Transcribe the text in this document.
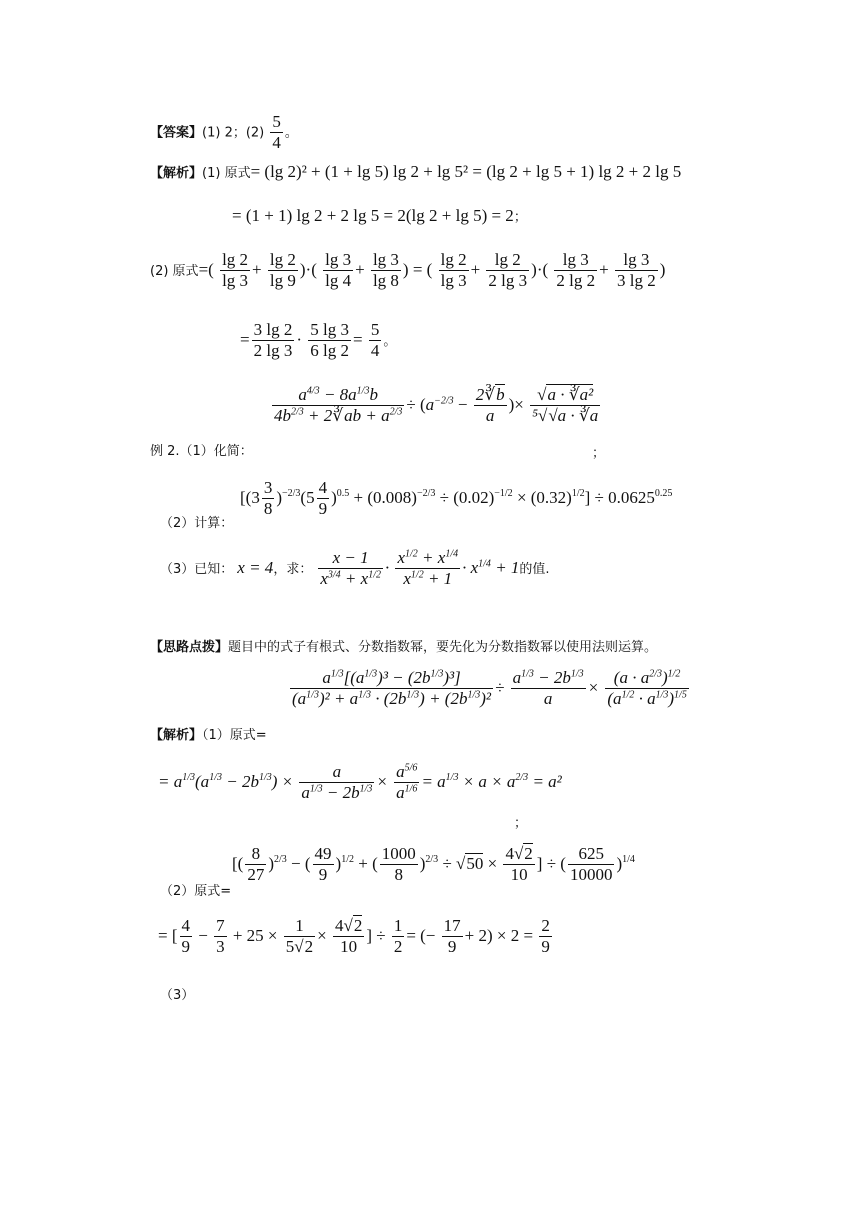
【答案】(1) 2；$(2) \frac{5}{4}$ 。
【解析】(1) 原式= (lg 2)² + (1 + lg 5) lg 2 + lg 5² = (lg 2 + lg 5 + 1) lg 2 + 2 lg 5
= (1 + 1) lg 2 + 2 lg 5 = 2(lg 2 + lg 5) = 2；
(2) 原式=( $\frac{\lg 2}{\lg 3} + \frac{\lg 2}{\lg 9}$ )·( $\frac{\lg 3}{\lg 4} + \frac{\lg 3}{\lg 8}$ ) = ( $\frac{\lg 2}{\lg 3} + \frac{\lg 2}{2 \lg 3}$ )·( $\frac{\lg 3}{2 \lg 2} + \frac{\lg 3}{3 \lg 2}$ )
= $\frac{3 \lg 2}{2 \lg 3} \cdot \frac{5 \lg 3}{6 \lg 2} = \frac{5}{4}$ 。
$\frac{a^{4/3} - 8a^{1/3}b}{4b^{2/3} + 2∛ab + a^{2/3}} \div (a^{-2/3} - \frac{2∛b}{a}$ )× $\frac{\text{√a · ∛a²}}{\text{⁵√√a · ∛a}}$
例 2.（1）化简：	；
$[(3 \frac{3}{8} )^{-2/3}(5 \frac{4}{9} )^{0.5} + (0.008)^{-2/3} \div (0.02)^{-1/2} \times (0.32)^{1/2}] \div 0.0625^{0.25}$
（2）计算：
（3）已知： x = 4，求： $\frac{x - 1}{x^{3/4} + x^{1/2}} \cdot \frac{x^{1/2} + x^{1/4}}{x^{1/2} + 1} \cdot x^{1/4} + 1$的值.
【思路点拨】题目中的式子有根式、分数指数幂，要先化为分数指数幂以使用法则运算。
$\frac{a^{1/3}[(a^{1/3})^3 - (2b^{1/3})^3]}{(a^{1/3})^2 + a^{1/3} \cdot (2b^{1/3}) + (2b^{1/3})^2} \div \frac{a^{1/3} - 2b^{1/3}}{a} \times \frac{(a \cdot a^{2/3})^{1/2}}{(a^{1/2} \cdot a^{1/3})^{1/5}}$
【解析】（1）原式=
= $a^{1/3}(a^{1/3} - 2b^{1/3}) \times \frac{a}{a^{1/3} - 2b^{1/3}} \times \frac{a^{5/6}}{a^{1/6}} = a^{1/3} \times a \times a^{2/3} = a^2$
；
[( $\frac{8}{27} )^{2/3}$ − ( $\frac{49}{9} )^{1/2}$ + ( $\frac{1000}{8} )^{2/3} \div √50 \times \frac{4√2}{10}$ ] ÷ ( $\frac{625}{10000} )^{1/4}$
（2）原式=
= [ $\frac{4}{9} - \frac{7}{3} + 25 \times \frac{1}{5√2} \times \frac{4√2}{10}$ ] ÷ $\frac{1}{2}$ = (− $\frac{17}{9} + 2) \times 2 = \frac{2}{9}$
（3）
